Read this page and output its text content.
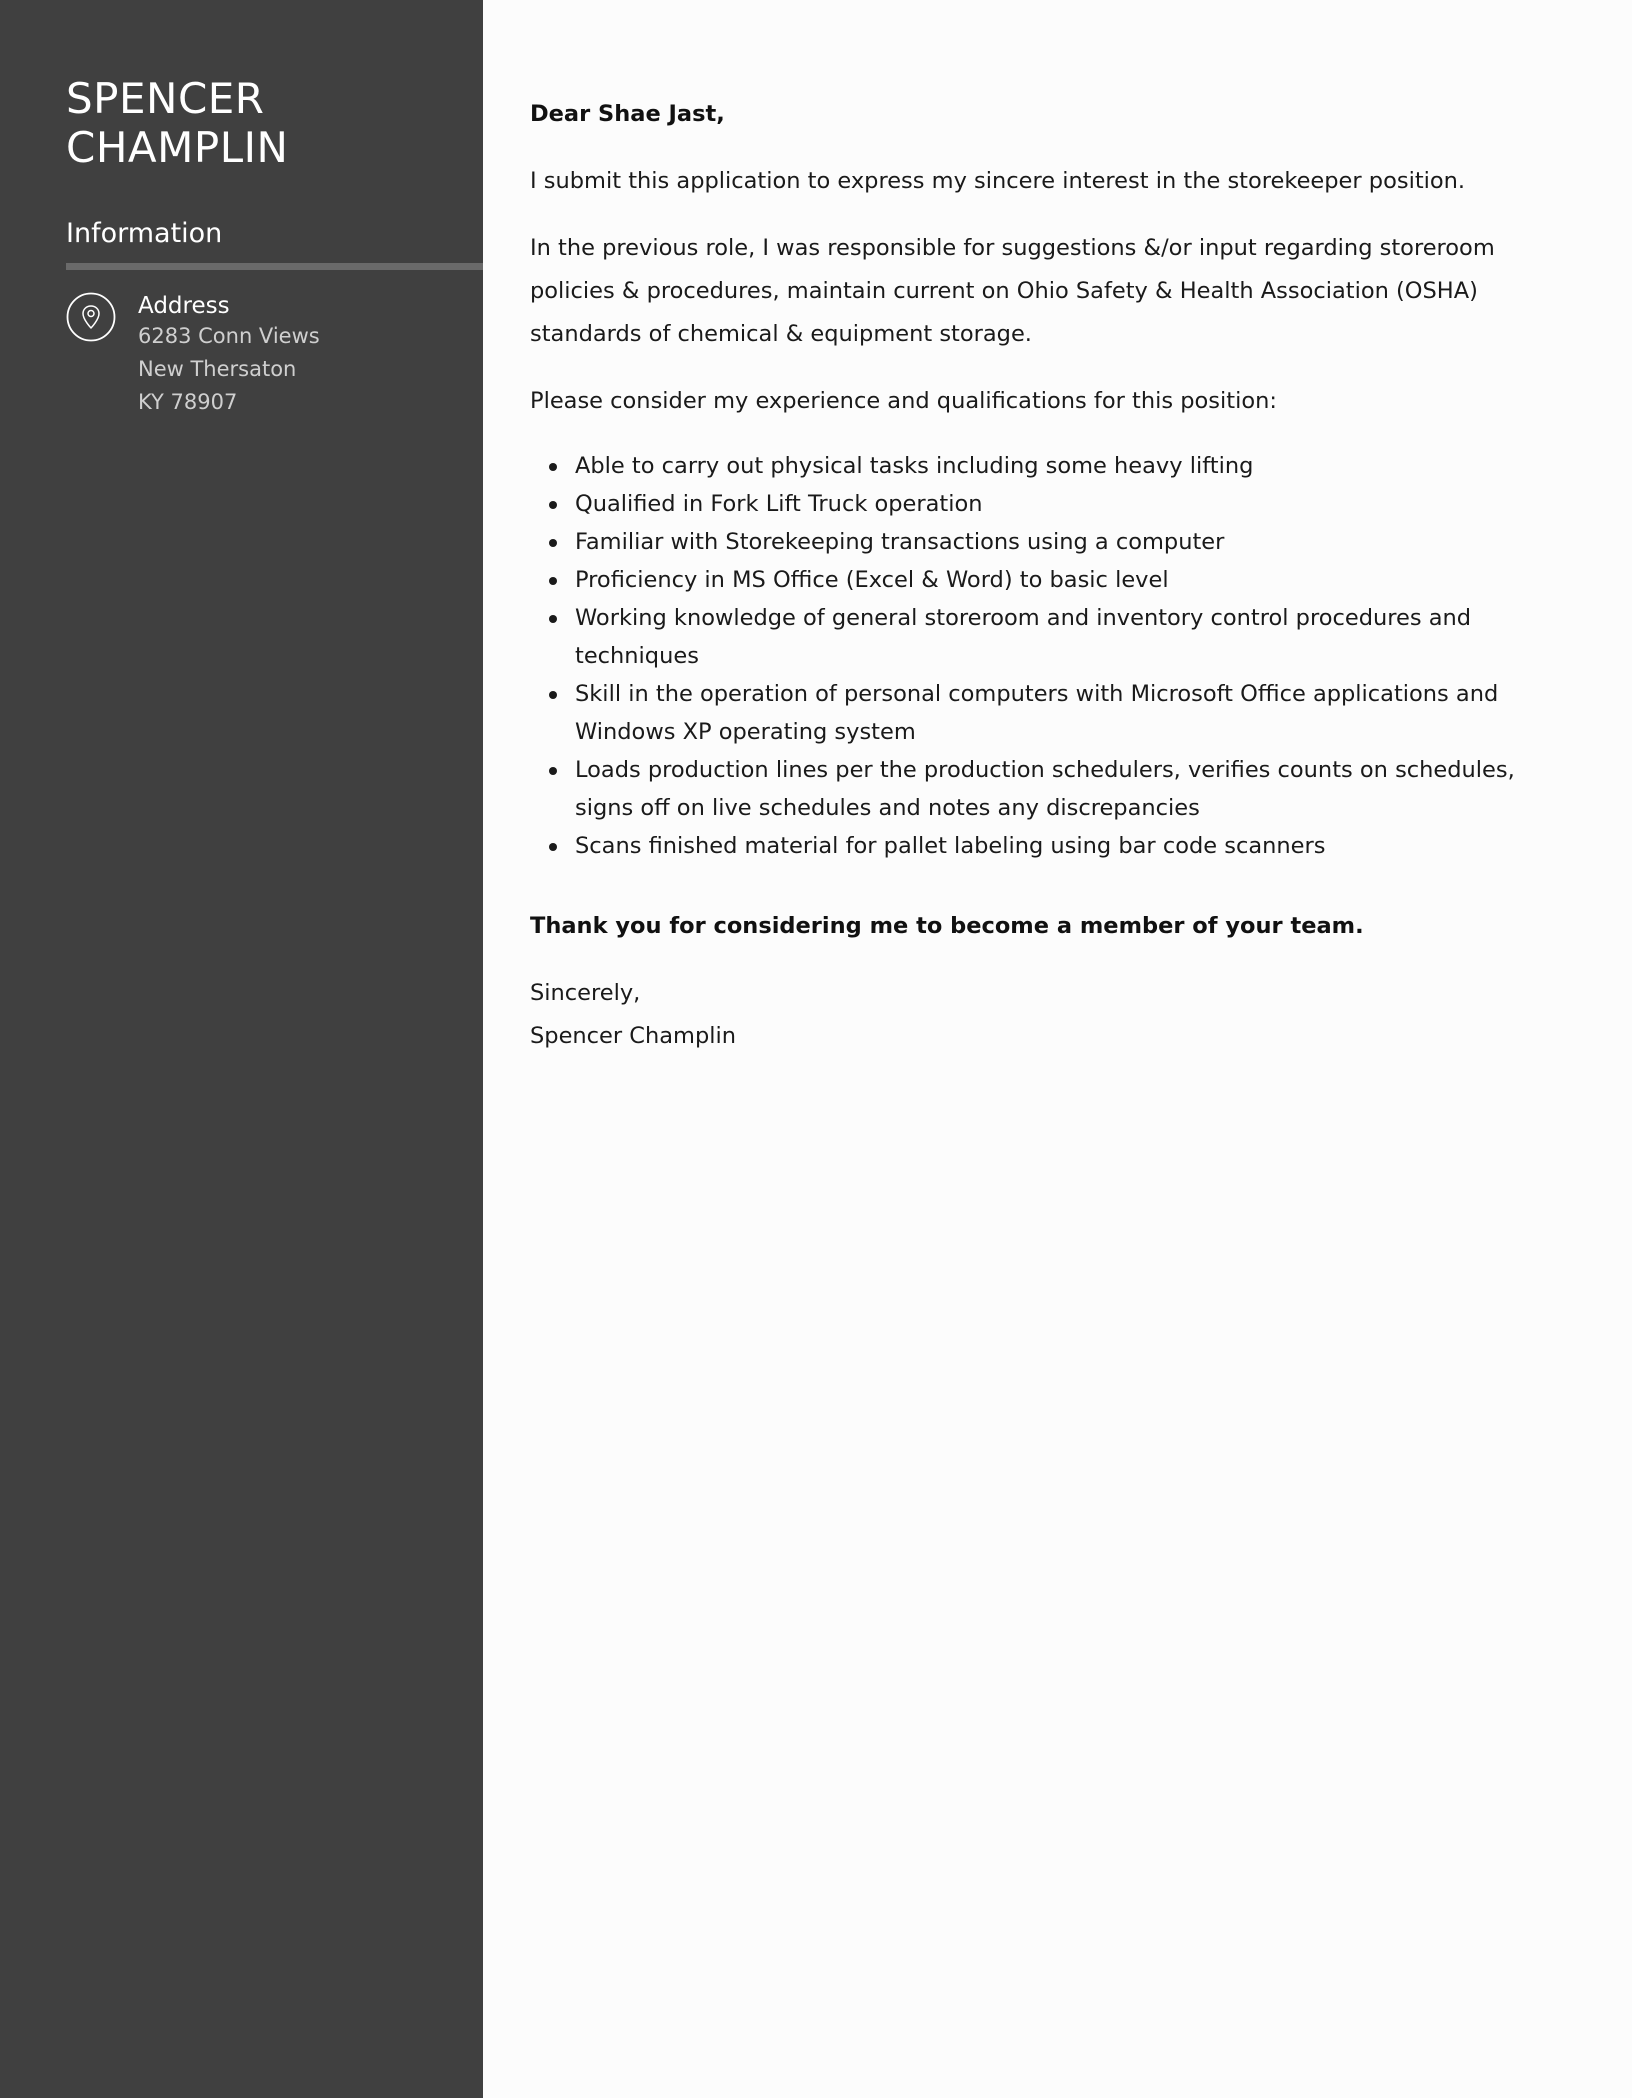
SPENCER
CHAMPLIN
Information
Address
6283 Conn Views
New Thersaton
KY 78907

Dear Shae Jast,

I submit this application to express my sincere interest in the storekeeper position.

In the previous role, I was responsible for suggestions &/or input regarding storeroom policies & procedures, maintain current on Ohio Safety & Health Association (OSHA) standards of chemical & equipment storage.

Please consider my experience and qualifications for this position:

Able to carry out physical tasks including some heavy lifting
Qualified in Fork Lift Truck operation
Familiar with Storekeeping transactions using a computer
Proficiency in MS Office (Excel & Word) to basic level
Working knowledge of general storeroom and inventory control procedures and techniques
Skill in the operation of personal computers with Microsoft Office applications and Windows XP operating system
Loads production lines per the production schedulers, verifies counts on schedules, signs off on live schedules and notes any discrepancies
Scans finished material for pallet labeling using bar code scanners

Thank you for considering me to become a member of your team.

Sincerely,
Spencer Champlin
